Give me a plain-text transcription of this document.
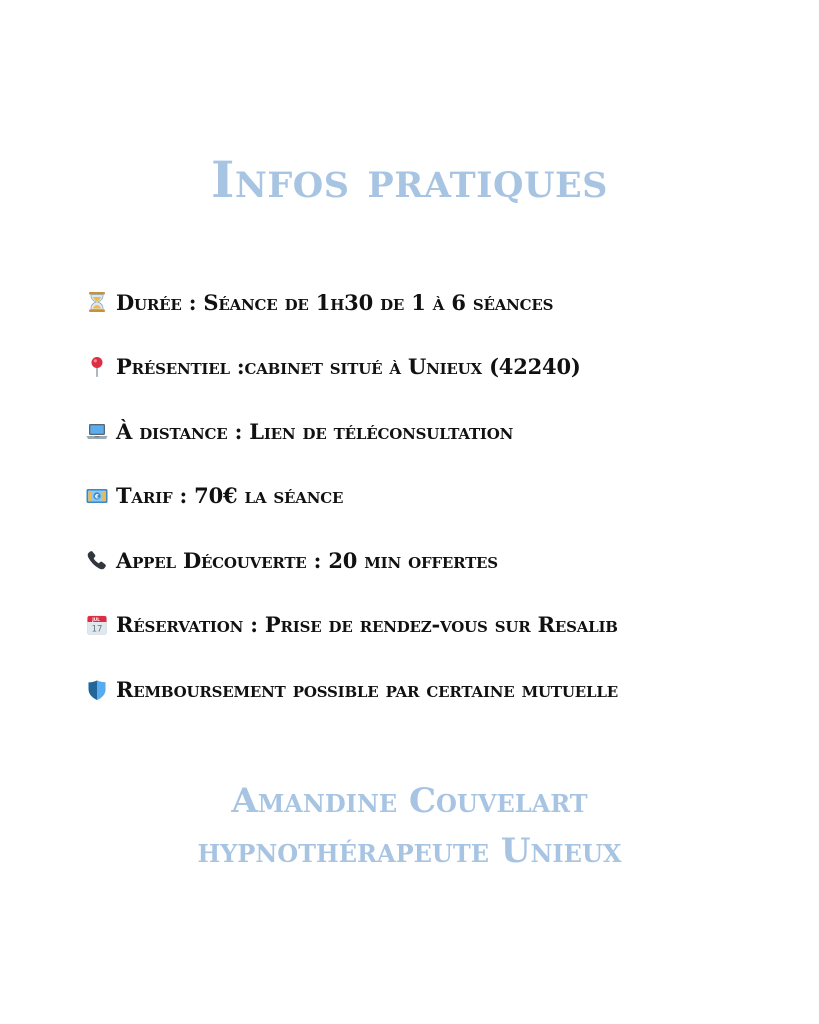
Infos pratiques
Durée : Séance de 1h30 de 1 à 6 séances
Présentiel :cabinet situé à Unieux (42240)
À distance : Lien de téléconsultation
€ Tarif : 70€ la séance
Appel Découverte : 20 min offertes
JUL
17 Réservation : Prise de rendez-vous sur Resalib
Remboursement possible par certaine mutuelle
Amandine Couvelart
hypnothérapeute Unieux
